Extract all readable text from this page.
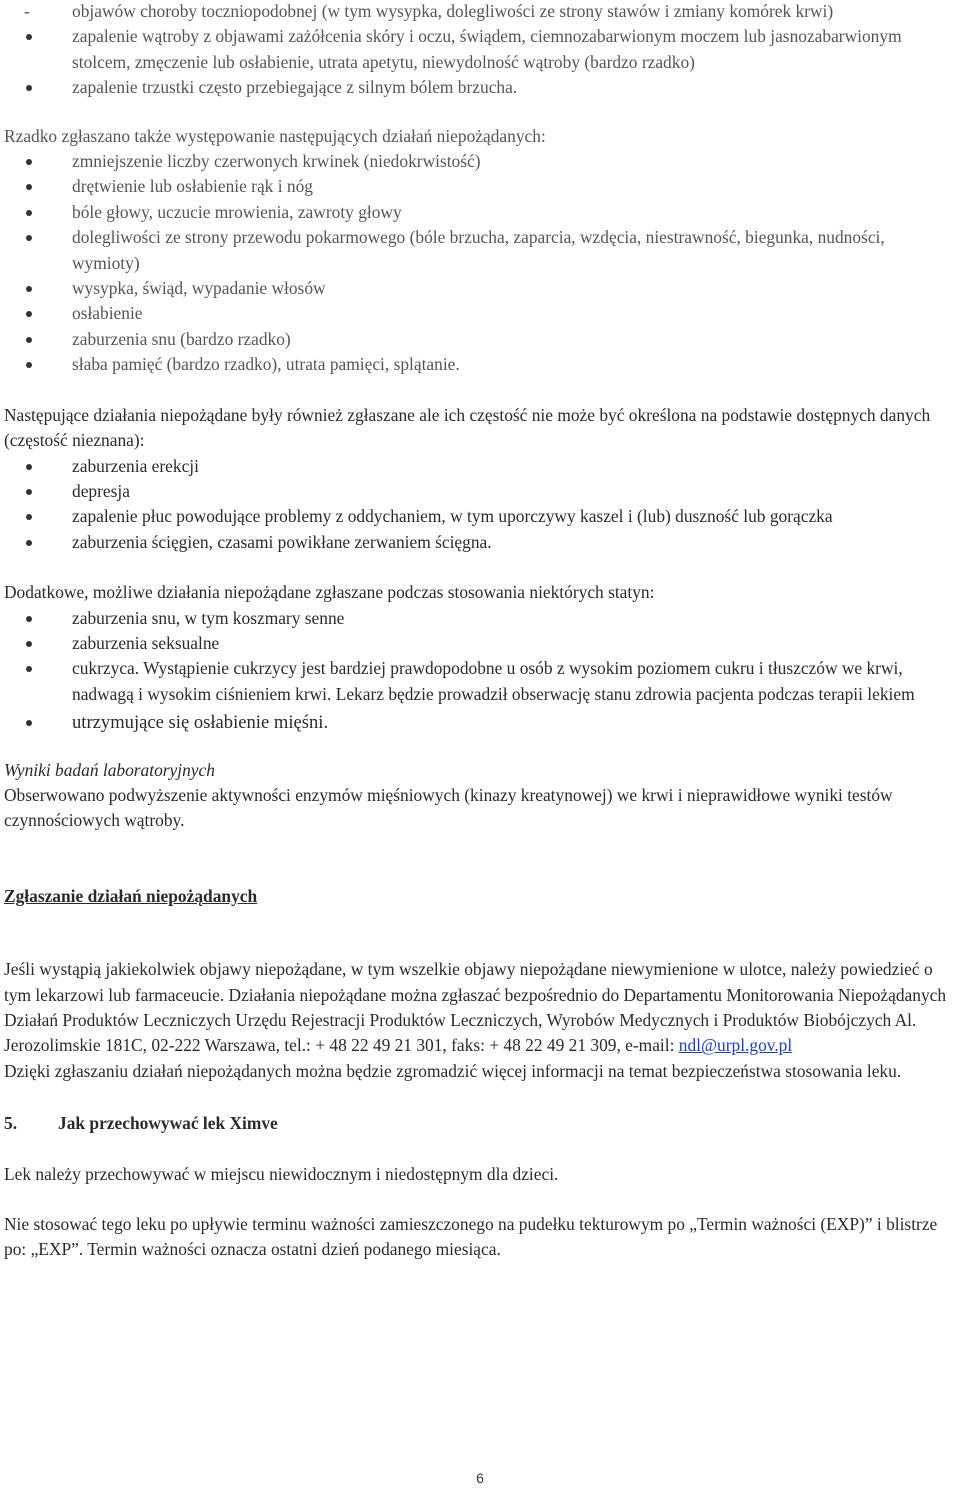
-	objawów choroby toczniopodobnej (w tym wysypka, dolegliwości ze strony stawów i zmiany komórek krwi)
zapalenie wątroby z objawami zażółcenia skóry i oczu, świądem, ciemnozabarwionym moczem lub jasnozabarwionym stolcem, zmęczenie lub osłabienie, utrata apetytu, niewydolność wątroby (bardzo rzadko)
zapalenie trzustki często przebiegające z silnym bólem brzucha.

Rzadko zgłaszano także występowanie następujących działań niepożądanych:

zmniejszenie liczby czerwonych krwinek (niedokrwistość)
drętwienie lub osłabienie rąk i nóg
bóle głowy, uczucie mrowienia, zawroty głowy
dolegliwości ze strony przewodu pokarmowego (bóle brzucha, zaparcia, wzdęcia, niestrawność, biegunka, nudności, wymioty)
wysypka, świąd, wypadanie włosów
osłabienie
zaburzenia snu (bardzo rzadko)
słaba pamięć (bardzo rzadko), utrata pamięci, splątanie.

Następujące działania niepożądane były również zgłaszane ale ich częstość nie może być określona na podstawie dostępnych danych (częstość nieznana):

zaburzenia erekcji
depresja
zapalenie płuc powodujące problemy z oddychaniem, w tym uporczywy kaszel i (lub) duszność lub gorączka
zaburzenia ścięgien, czasami powikłane zerwaniem ścięgna.

Dodatkowe, możliwe działania niepożądane zgłaszane podczas stosowania niektórych statyn:

zaburzenia snu, w tym koszmary senne
zaburzenia seksualne
cukrzyca. Wystąpienie cukrzycy jest bardziej prawdopodobne u osób z wysokim poziomem cukru i tłuszczów we krwi, nadwagą i wysokim ciśnieniem krwi. Lekarz będzie prowadził obserwację stanu zdrowia pacjenta podczas terapii lekiem
utrzymujące się osłabienie mięśni.

Wyniki badań laboratoryjnych

Obserwowano podwyższenie aktywności enzymów mięśniowych (kinazy kreatynowej) we krwi i nieprawidłowe wyniki testów czynnościowych wątroby.

Zgłaszanie działań niepożądanych

Jeśli wystąpią jakiekolwiek objawy niepożądane, w tym wszelkie objawy niepożądane niewymienione w ulotce, należy powiedzieć o tym lekarzowi lub farmaceucie. Działania niepożądane można zgłaszać bezpośrednio do Departamentu Monitorowania Niepożądanych Działań Produktów Leczniczych Urzędu Rejestracji Produktów Leczniczych, Wyrobów Medycznych i Produktów Biobójczych Al. Jerozolimskie 181C, 02-222 Warszawa, tel.: + 48 22 49 21 301, faks: + 48 22 49 21 309, e-mail: ndl@urpl.gov.pl
Dzięki zgłaszaniu działań niepożądanych można będzie zgromadzić więcej informacji na temat bezpieczeństwa stosowania leku.

5.	Jak przechowywać lek Ximve

Lek należy przechowywać w miejscu niewidocznym i niedostępnym dla dzieci.

Nie stosować tego leku po upływie terminu ważności zamieszczonego na pudełku tekturowym po „Termin ważności (EXP)” i blistrze po: „EXP”. Termin ważności oznacza ostatni dzień podanego miesiąca.

6
